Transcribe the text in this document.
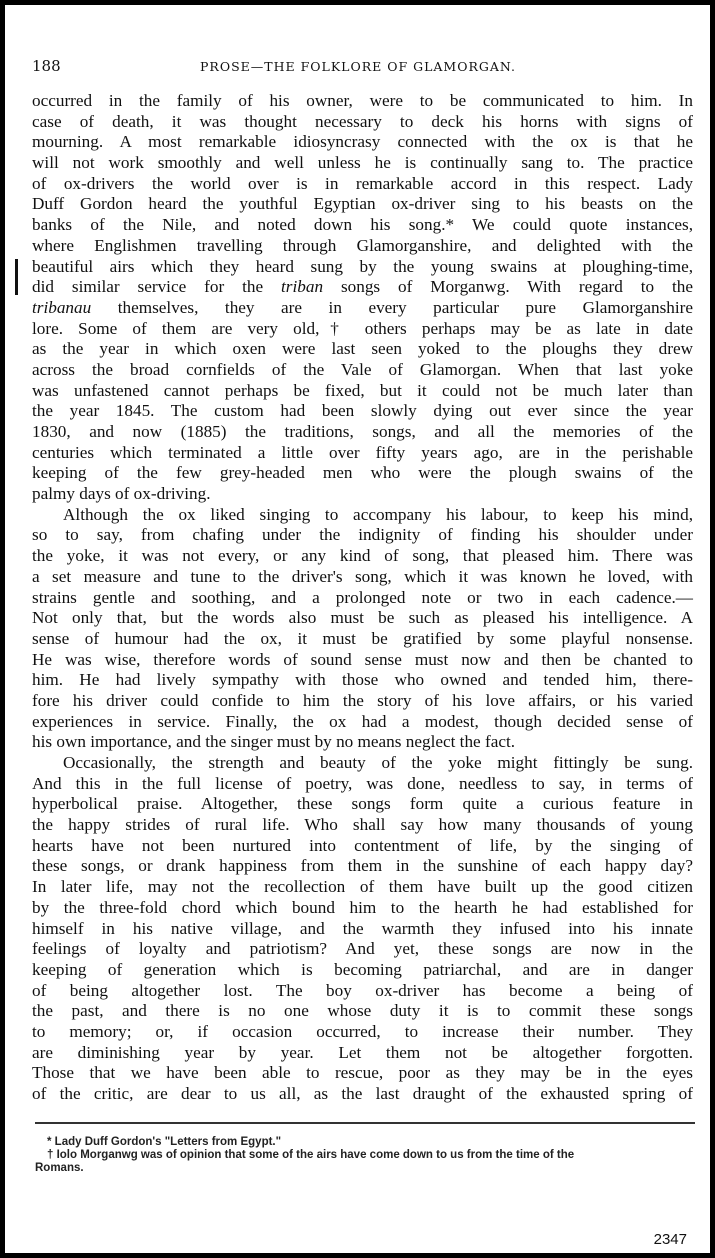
188	PROSE—THE FOLKLORE OF GLAMORGAN.
occurred in the family of his owner, were to be communicated to him. In
case of death, it was thought necessary to deck his horns with signs of
mourning. A most remarkable idiosyncrasy connected with the ox is that he
will not work smoothly and well unless he is continually sang to. The practice
of ox-drivers the world over is in remarkable accord in this respect. Lady
Duff Gordon heard the youthful Egyptian ox-driver sing to his beasts on the
banks of the Nile, and noted down his song.* We could quote instances,
where Englishmen travelling through Glamorganshire, and delighted with the
beautiful airs which they heard sung by the young swains at ploughing-time,
did similar service for the triban songs of Morganwg. With regard to the
tribanau themselves, they are in every particular pure Glamorganshire
lore. Some of them are very old,† others perhaps may be as late in date
as the year in which oxen were last seen yoked to the ploughs they drew
across the broad cornfields of the Vale of Glamorgan. When that last yoke
was unfastened cannot perhaps be fixed, but it could not be much later than
the year 1845. The custom had been slowly dying out ever since the year
1830, and now (1885) the traditions, songs, and all the memories of the
centuries which terminated a little over fifty years ago, are in the perishable
keeping of the few grey-headed men who were the plough swains of the
palmy days of ox-driving.
Although the ox liked singing to accompany his labour, to keep his mind,
so to say, from chafing under the indignity of finding his shoulder under
the yoke, it was not every, or any kind of song, that pleased him. There was
a set measure and tune to the driver's song, which it was known he loved, with
strains gentle and soothing, and a prolonged note or two in each cadence.—
Not only that, but the words also must be such as pleased his intelligence. A
sense of humour had the ox, it must be gratified by some playful nonsense.
He was wise, therefore words of sound sense must now and then be chanted to
him. He had lively sympathy with those who owned and tended him, there-
fore his driver could confide to him the story of his love affairs, or his varied
experiences in service. Finally, the ox had a modest, though decided sense of
his own importance, and the singer must by no means neglect the fact.
Occasionally, the strength and beauty of the yoke might fittingly be sung.
And this in the full license of poetry, was done, needless to say, in terms of
hyperbolical praise. Altogether, these songs form quite a curious feature in
the happy strides of rural life. Who shall say how many thousands of young
hearts have not been nurtured into contentment of life, by the singing of
these songs, or drank happiness from them in the sunshine of each happy day?
In later life, may not the recollection of them have built up the good citizen
by the three-fold chord which bound him to the hearth he had established for
himself in his native village, and the warmth they infused into his innate
feelings of loyalty and patriotism? And yet, these songs are now in the
keeping of generation which is becoming patriarchal, and are in danger
of being altogether lost. The boy ox-driver has become a being of
the past, and there is no one whose duty it is to commit these songs
to memory; or, if occasion occurred, to increase their number. They
are diminishing year by year. Let them not be altogether forgotten.
Those that we have been able to rescue, poor as they may be in the eyes
of the critic, are dear to us all, as the last draught of the exhausted spring of
* Lady Duff Gordon's "Letters from Egypt."
† Iolo Morganwg was of opinion that some of the airs have come down to us from the time of the
Romans.
2347
